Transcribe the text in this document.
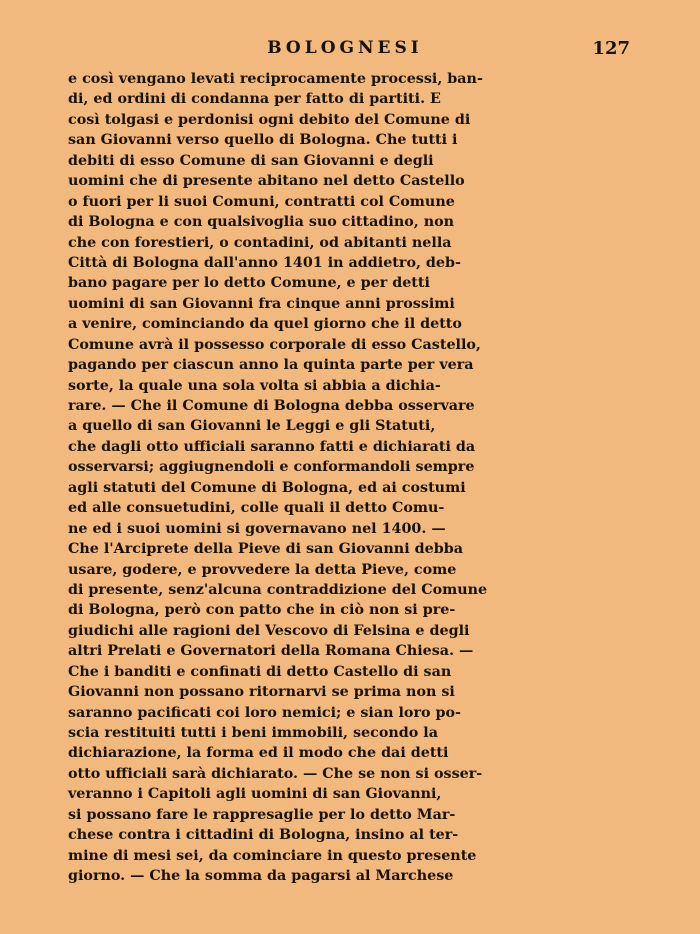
BOLOGNESI	127
e così vengano levati reciprocamente processi, ban-
di, ed ordini di condanna per fatto di partiti. E
così tolgasi e perdonisi ogni debito del Comune di
san Giovanni verso quello di Bologna. Che tutti i
debiti di esso Comune di san Giovanni e degli
uomini che di presente abitano nel detto Castello
o fuori per li suoi Comuni, contratti col Comune
di Bologna e con qualsivoglia suo cittadino, non
che con forestieri, o contadini, od abitanti nella
Città di Bologna dall'anno 1401 in addietro, deb-
bano pagare per lo detto Comune, e per detti
uomini di san Giovanni fra cinque anni prossimi
a venire, cominciando da quel giorno che il detto
Comune avrà il possesso corporale di esso Castello,
pagando per ciascun anno la quinta parte per vera
sorte, la quale una sola volta si abbia a dichia-
rare. — Che il Comune di Bologna debba osservare
a quello di san Giovanni le Leggi e gli Statuti,
che dagli otto ufficiali saranno fatti e dichiarati da
osservarsi; aggiugnendoli e conformandoli sempre
agli statuti del Comune di Bologna, ed ai costumi
ed alle consuetudini, colle quali il detto Comu-
ne ed i suoi uomini si governavano nel 1400. —
Che l'Arciprete della Pieve di san Giovanni debba
usare, godere, e provvedere la detta Pieve, come
di presente, senz'alcuna contraddizione del Comune
di Bologna, però con patto che in ciò non si pre-
giudichi alle ragioni del Vescovo di Felsina e degli
altri Prelati e Governatori della Romana Chiesa. —
Che i banditi e confinati di detto Castello di san
Giovanni non possano ritornarvi se prima non si
saranno pacificati coi loro nemici; e sian loro po-
scia restituiti tutti i beni immobili, secondo la
dichiarazione, la forma ed il modo che dai detti
otto ufficiali sarà dichiarato. — Che se non si osser-
veranno i Capitoli agli uomini di san Giovanni,
si possano fare le rappresaglie per lo detto Mar-
chese contra i cittadini di Bologna, insino al ter-
mine di mesi sei, da cominciare in questo presente
giorno. — Che la somma da pagarsi al Marchese
